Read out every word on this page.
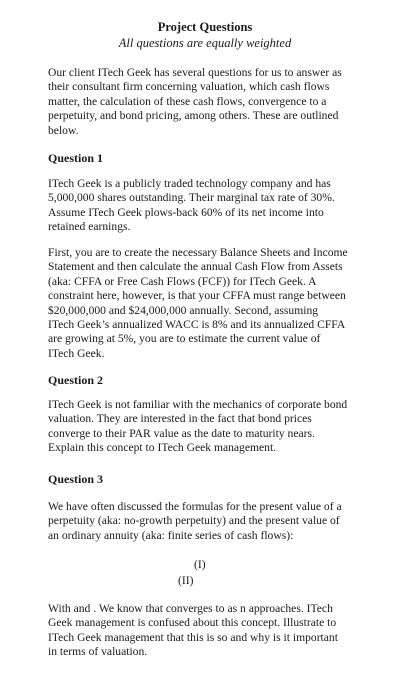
Project Questions
All questions are equally weighted

Our client ITech Geek has several questions for us to answer as
their consultant firm concerning valuation, which cash flows
matter, the calculation of these cash flows, convergence to a
perpetuity, and bond pricing, among others. These are outlined
below.

Question 1

ITech Geek is a publicly traded technology company and has
5,000,000 shares outstanding. Their marginal tax rate of 30%.
Assume ITech Geek plows-back 60% of its net income into
retained earnings.

First, you are to create the necessary Balance Sheets and Income
Statement and then calculate the annual Cash Flow from Assets
(aka: CFFA or Free Cash Flows (FCF)) for ITech Geek. A
constraint here, however, is that your CFFA must range between
$20,000,000 and $24,000,000 annually. Second, assuming
ITech Geek’s annualized WACC is 8% and its annualized CFFA
are growing at 5%, you are to estimate the current value of
ITech Geek.

Question 2

ITech Geek is not familiar with the mechanics of corporate bond
valuation. They are interested in the fact that bond prices
converge to their PAR value as the date to maturity nears.
Explain this concept to ITech Geek management.

Question 3

We have often discussed the formulas for the present value of a
perpetuity (aka: no-growth perpetuity) and the present value of
an ordinary annuity (aka: finite series of cash flows):

(I)
(II)

With and . We know that converges to as n approaches. ITech
Geek management is confused about this concept. Illustrate to
ITech Geek management that this is so and why is it important
in terms of valuation.
